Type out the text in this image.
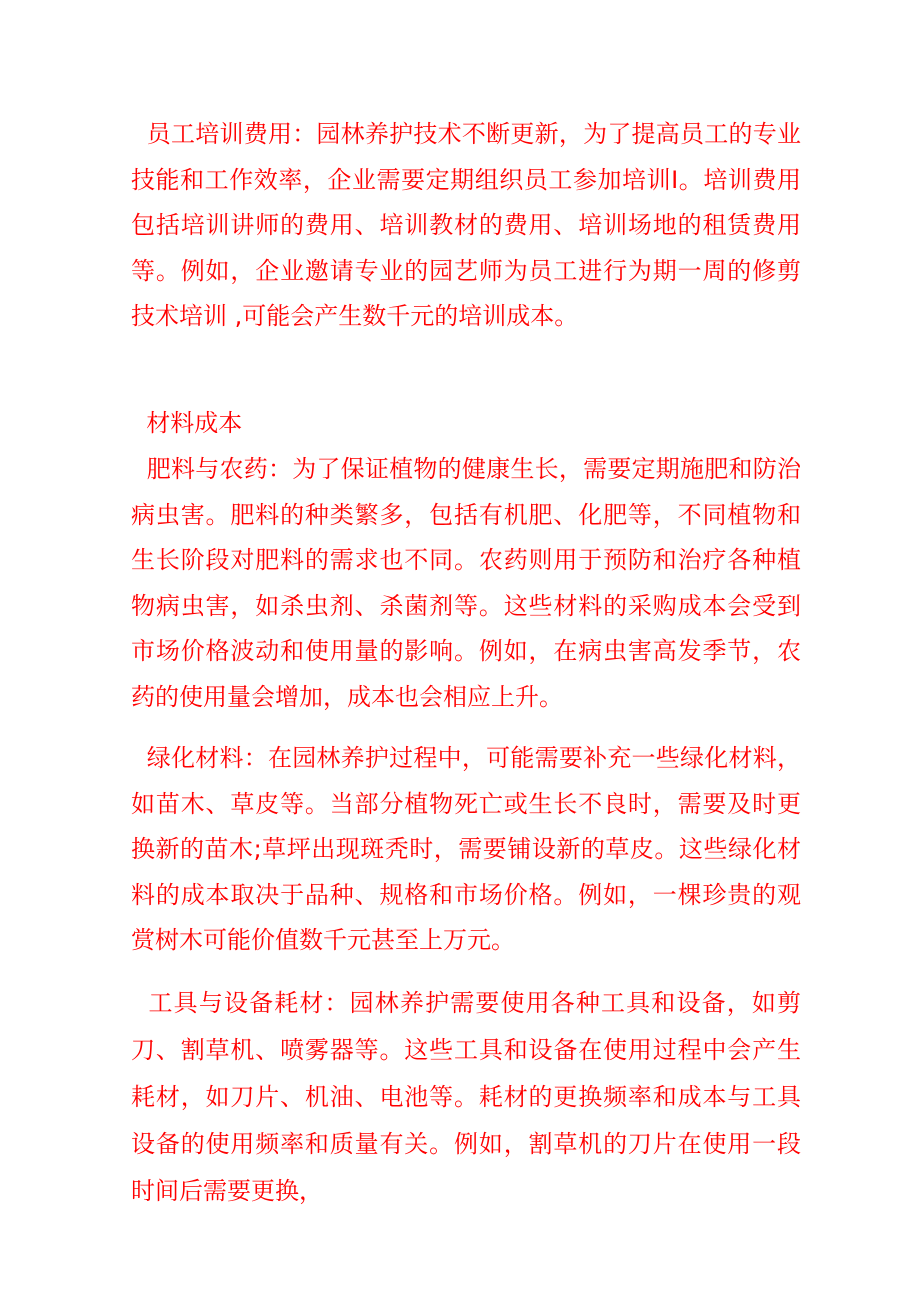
员工培训费用：园林养护技术不断更新，为了提高员工的专业技能和工作效率，企业需要定期组织员工参加培训I。培训费用包括培训讲师的费用、培训教材的费用、培训场地的租赁费用等。例如，企业邀请专业的园艺师为员工进行为期一周的修剪技术培训 ,可能会产生数千元的培训成本。

材料成本

肥料与农药：为了保证植物的健康生长，需要定期施肥和防治病虫害。肥料的种类繁多，包括有机肥、化肥等，不同植物和生长阶段对肥料的需求也不同。农药则用于预防和治疗各种植物病虫害，如杀虫剂、杀菌剂等。这些材料的采购成本会受到市场价格波动和使用量的影响。例如，在病虫害高发季节，农药的使用量会增加，成本也会相应上升。

绿化材料：在园林养护过程中，可能需要补充一些绿化材料，如苗木、草皮等。当部分植物死亡或生长不良时，需要及时更换新的苗木;草坪出现斑秃时，需要铺设新的草皮。这些绿化材料的成本取决于品种、规格和市场价格。例如，一棵珍贵的观赏树木可能价值数千元甚至上万元。

工具与设备耗材：园林养护需要使用各种工具和设备，如剪刀、割草机、喷雾器等。这些工具和设备在使用过程中会产生耗材，如刀片、机油、电池等。耗材的更换频率和成本与工具设备的使用频率和质量有关。例如，割草机的刀片在使用一段时间后需要更换，
